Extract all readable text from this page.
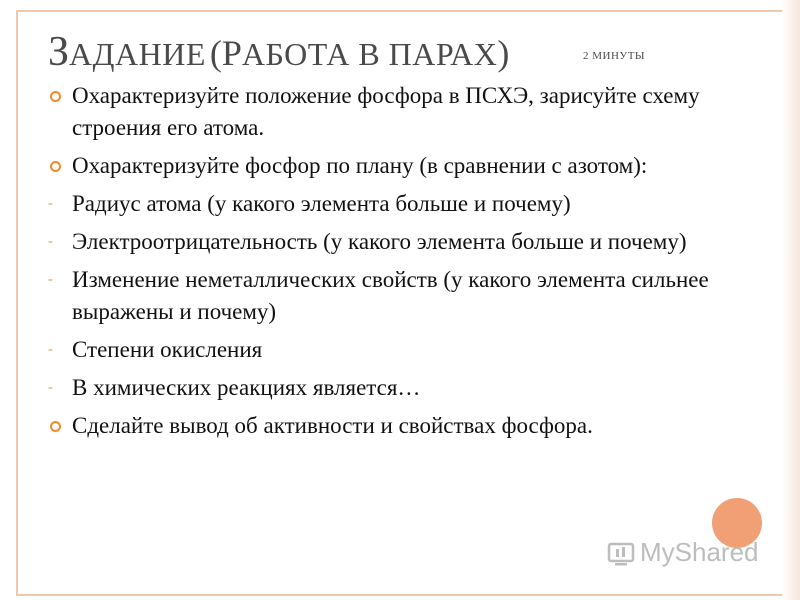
ЗАДАНИЕ (РАБОТА В ПАРАХ)	2 МИНУТЫ
Охарактеризуйте положение фосфора в ПСХЭ, зарисуйте схему строения его атома.
Охарактеризуйте фосфор по плану (в сравнении с азотом):
- Радиус атома (у какого элемента больше и почему)
- Электроотрицательность (у какого элемента больше и почему)
- Изменение неметаллических свойств (у какого элемента сильнее выражены и почему)
- Степени окисления
- В химических реакциях является…
Сделайте вывод об активности и свойствах фосфора.
MyShared
